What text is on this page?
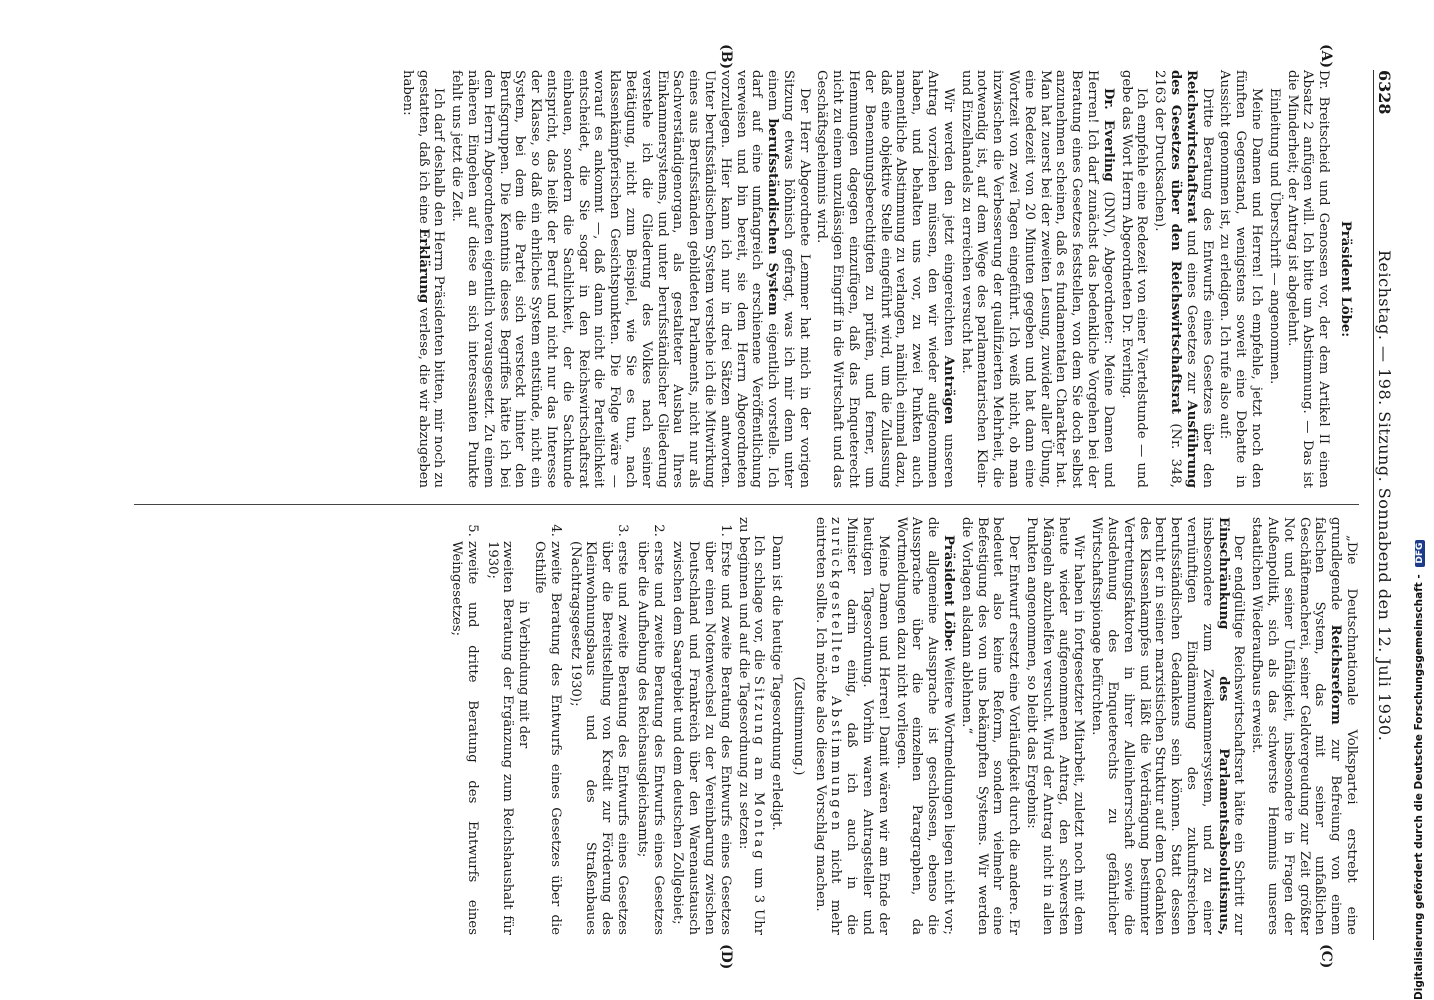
6328
Reichstag. — 198. Sitzung. Sonnabend den 12. Juli 1930.
(A)
(B)
(C)
(D)

Präsident Löbe:

Dr. Breitscheid und Genossen vor, der dem Artikel II einen Absatz 2 anfügen will. Ich bitte um Abstimmung. — Das ist die Minderheit; der Antrag ist abgelehnt.

Einleitung und Überschrift — angenommen.

Meine Damen und Herren! Ich empfehle, jetzt noch den fünften Gegenstand, wenigstens soweit eine Debatte in Aussicht genommen ist, zu erledigen. Ich rufe also auf:

Dritte Beratung des Entwurfs eines Gesetzes über den Reichswirtschaftsrat und eines Gesetzes zur Ausführung des Gesetzes über den Reichswirtschaftsrat (Nr. 348, 2163 der Drucksachen).

Ich empfehle eine Redezeit von einer Viertelstunde — und gebe das Wort Herrn Abgeordneten Dr. Everling.

Dr. Everling (DNV), Abgeordneter: Meine Damen und Herren! Ich darf zunächst das bedenkliche Vorgehen bei der Beratung eines Gesetzes feststellen, von dem Sie doch selbst anzunehmen scheinen, daß es fundamentalen Charakter hat. Man hat zuerst bei der zweiten Lesung, zuwider aller Übung, eine Redezeit von 20 Minuten gegeben und hat dann eine Wortzeit von zwei Tagen eingeführt. Ich weiß nicht, ob man inzwischen die Verbesserung der qualifizierten Mehrheit, die notwendig ist, auf dem Wege des parlamentarischen Klein- und Einzelhandels zu erreichen versucht hat.

Wir werden den jetzt eingereichten Anträgen unseren Antrag vorziehen müssen, den wir wieder aufgenommen haben, und behalten uns vor, zu zwei Punkten auch namentliche Abstimmung zu verlangen, nämlich einmal dazu, daß eine objektive Stelle eingeführt wird, um die Zulassung der Benennungsberechtigten zu prüfen, und ferner, um Hemmungen dagegen einzufügen, daß das Enqueterecht nicht zu einem unzulässigen Eingriff in die Wirtschaft und das Geschäftsgeheimnis wird.

Der Herr Abgeordnete Lemmer hat mich in der vorigen Sitzung etwas höhnisch gefragt, was ich mir denn unter einem berufsständischen System eigentlich vorstelle. Ich darf auf eine umfangreich erschienene Veröffentlichung verweisen und bin bereit, sie dem Herrn Abgeordneten vorzulegen. Hier kann ich nur in drei Sätzen antworten. Unter berufsständischem System verstehe ich die Mitwirkung eines aus Berufsständen gebildeten Parlaments, nicht nur als Sachverständigenorgan, als gestalteter Ausbau Ihres Einkammersystems, und unter berufsständischer Gliederung verstehe ich die Gliederung des Volkes nach seiner Betätigung, nicht zum Beispiel, wie Sie es tun, nach klassenkämpferischen Gesichtspunkten. Die Folge wäre — worauf es ankommt —, daß dann nicht die Parteilichkeit entscheidet, die Sie sogar in den Reichswirtschaftsrat einbauen, sondern die Sachlichkeit, der die Sachkunde entspricht, das heißt der Beruf und nicht nur das Interesse der Klasse, so daß ein ehrliches System entstünde, nicht ein System, bei dem die Partei sich versteckt hinter den Berufsgruppen. Die Kenntnis dieses Begriffes hätte ich bei dem Herrn Abgeordneten eigentlich vorausgesetzt. Zu einem näheren Eingehen auf diese an sich interessanten Punkte fehlt uns jetzt die Zeit.

Ich darf deshalb den Herrn Präsidenten bitten, mir noch zu gestatten, daß ich eine Erklärung verlese, die wir abzugeben haben:

„Die Deutschnationale Volkspartei erstrebt eine grundlegende Reichsreform zur Befreiung von einem falschen System, das mit seiner unfaßlichen Geschäftemacherei, seiner Geldvergeudung zur Zeit größter Not und seiner Unfähigkeit, insbesondere in Fragen der Außenpolitik, sich als das schwerste Hemmnis unseres staatlichen Wiederaufbaus erweist.

Der endgültige Reichswirtschaftsrat hätte ein Schritt zur Einschränkung des Parlamentsabsolutismus, insbesondere zum Zweikammersystem, und zu einer vernünftigen Eindämmung des zukunftsreichen berufsständischen Gedankens sein können. Statt dessen beruht er in seiner marxistischen Struktur auf dem Gedanken des Klassenkampfes und läßt die Verdrängung bestimmter Vertretungsfaktoren in ihrer Alleinherrschaft sowie die Ausdehnung des Enqueterechts zu gefährlicher Wirtschaftsspionage befürchten.

Wir haben in fortgesetzter Mitarbeit, zuletzt noch mit dem heute wieder aufgenommenen Antrag, den schwersten Mängeln abzuhelfen versucht. Wird der Antrag nicht in allen Punkten angenommen, so bleibt das Ergebnis:

Der Entwurf ersetzt eine Vorläufigkeit durch die andere. Er bedeutet also keine Reform, sondern vielmehr eine Befestigung des von uns bekämpften Systems. Wir werden die Vorlagen alsdann ablehnen.“

Präsident Löbe: Weitere Wortmeldungen liegen nicht vor; die allgemeine Aussprache ist geschlossen, ebenso die Aussprache über die einzelnen Paragraphen, da Wortmeldungen dazu nicht vorliegen.

Meine Damen und Herren! Damit wären wir am Ende der heutigen Tagesordnung. Vorhin waren Antragsteller und Minister darin einig, daß ich auch in die zurückgestellten Abstimmungen nicht mehr eintreten sollte. Ich möchte also diesen Vorschlag machen.

(Zustimmung.)

Dann ist die heutige Tagesordnung erledigt.

Ich schlage vor, die Sitzung am Montag um 3 Uhr zu beginnen und auf die Tagesordnung zu setzen:

1. Erste und zweite Beratung des Entwurfs eines Gesetzes über einen Notenwechsel zu der Vereinbarung zwischen Deutschland und Frankreich über den Warenaustausch zwischen dem Saargebiet und dem deutschen Zollgebiet;
2. erste und zweite Beratung des Entwurfs eines Gesetzes über die Aufhebung des Reichsausgleichsamts;
3. erste und zweite Beratung des Entwurfs eines Gesetzes über die Bereitstellung von Kredit zur Förderung des Kleinwohnungsbaus und des Straßenbaues (Nachtragsgesetz 1930);
4. zweite Beratung des Entwurfs eines Gesetzes über die Osthilfe
in Verbindung mit der
zweiten Beratung der Ergänzung zum Reichshaushalt für 1930;
5. zweite und dritte Beratung des Entwurfs eines Weingesetzes;	Digitalisierung gefördert durch die Deutsche Forschungsgemeinschaft - DFG
